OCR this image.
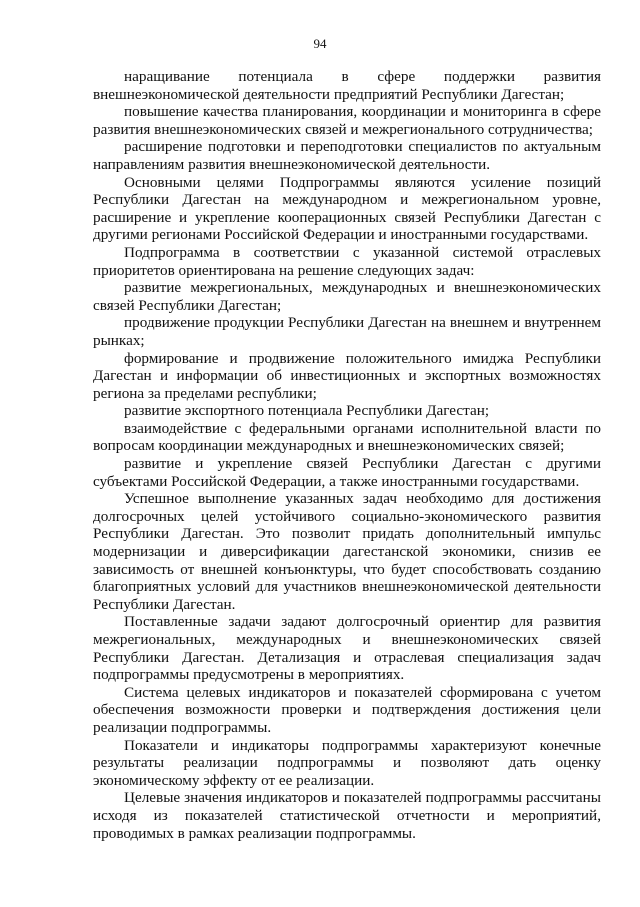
94

наращивание потенциала в сфере поддержки развития внешнеэкономической деятельности предприятий Республики Дагестан;

повышение качества планирования, координации и мониторинга в сфере развития внешнеэкономических связей и межрегионального сотрудничества;

расширение подготовки и переподготовки специалистов по актуальным направлениям развития внешнеэкономической деятельности.

Основными целями Подпрограммы являются усиление позиций Республики Дагестан на международном и межрегиональном уровне, расширение и укрепление кооперационных связей Республики Дагестан с другими регионами Российской Федерации и иностранными государствами.

Подпрограмма в соответствии с указанной системой отраслевых приоритетов ориентирована на решение следующих задач:

развитие межрегиональных, международных и внешнеэкономических связей Республики Дагестан;

продвижение продукции Республики Дагестан на внешнем и внутреннем рынках;

формирование и продвижение положительного имиджа Республики Дагестан и информации об инвестиционных и экспортных возможностях региона за пределами республики;

развитие экспортного потенциала Республики Дагестан;

взаимодействие с федеральными органами исполнительной власти по вопросам координации международных и внешнеэкономических связей;

развитие и укрепление связей Республики Дагестан с другими субъектами Российской Федерации, а также иностранными государствами.

Успешное выполнение указанных задач необходимо для достижения долгосрочных целей устойчивого социально-экономического развития Республики Дагестан. Это позволит придать дополнительный импульс модернизации и диверсификации дагестанской экономики, снизив ее зависимость от внешней конъюнктуры, что будет способствовать созданию благоприятных условий для участников внешнеэкономической деятельности Республики Дагестан.

Поставленные задачи задают долгосрочный ориентир для развития межрегиональных, международных и внешнеэкономических связей Республики Дагестан. Детализация и отраслевая специализация задач подпрограммы предусмотрены в мероприятиях.

Система целевых индикаторов и показателей сформирована с учетом обеспечения возможности проверки и подтверждения достижения цели реализации подпрограммы.

Показатели и индикаторы подпрограммы характеризуют конечные результаты реализации подпрограммы и позволяют дать оценку экономическому эффекту от ее реализации.

Целевые значения индикаторов и показателей подпрограммы рассчитаны исходя из показателей статистической отчетности и мероприятий, проводимых в рамках реализации подпрограммы.
